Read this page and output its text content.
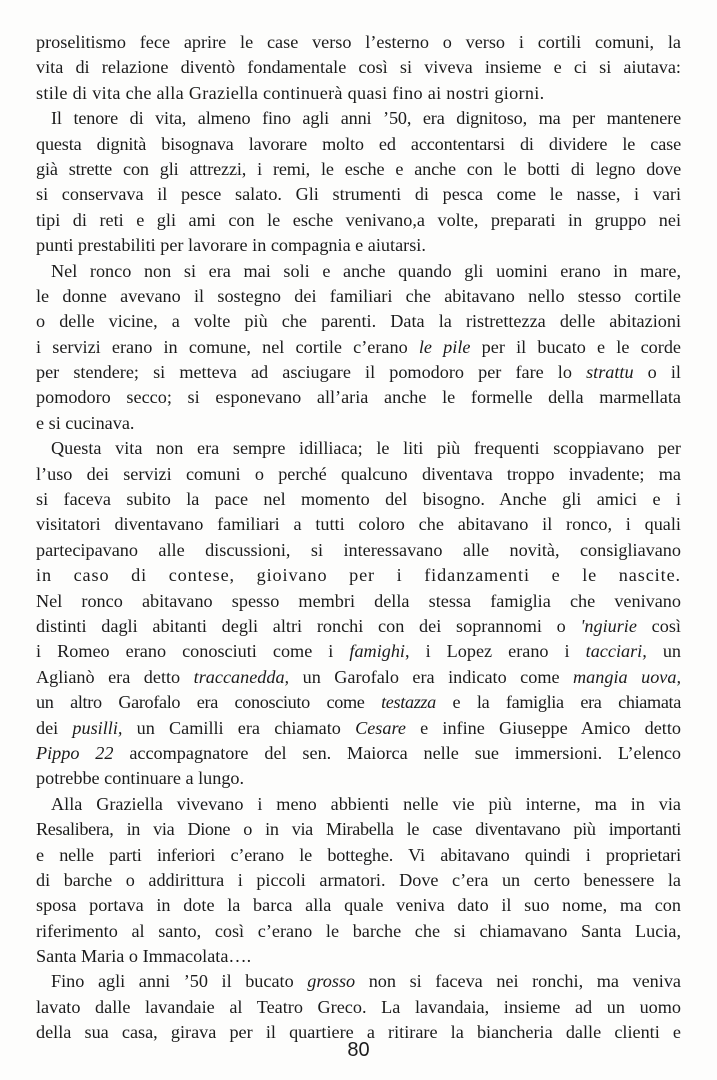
proselitismo fece aprire le case verso l’esterno o verso i cortili comuni, la
vita di relazione diventò fondamentale così si viveva insieme e ci si aiutava:
stile di vita che alla Graziella continuerà quasi fino ai nostri giorni.
Il tenore di vita, almeno fino agli anni ’50, era dignitoso, ma per mantenere
questa dignità bisognava lavorare molto ed accontentarsi di dividere le case
già strette con gli attrezzi, i remi, le esche e anche con le botti di legno dove
si conservava il pesce salato. Gli strumenti di pesca come le nasse, i vari
tipi di reti e gli ami con le esche venivano,a volte, preparati in gruppo nei
punti prestabiliti per lavorare in compagnia e aiutarsi.
Nel ronco non si era mai soli e anche quando gli uomini erano in mare,
le donne avevano il sostegno dei familiari che abitavano nello stesso cortile
o delle vicine, a volte più che parenti. Data la ristrettezza delle abitazioni
i servizi erano in comune, nel cortile c’erano le pile per il bucato e le corde
per stendere; si metteva ad asciugare il pomodoro per fare lo strattu o il
pomodoro secco; si esponevano all’aria anche le formelle della marmellata
e si cucinava.
Questa vita non era sempre idilliaca; le liti più frequenti scoppiavano per
l’uso dei servizi comuni o perché qualcuno diventava troppo invadente; ma
si faceva subito la pace nel momento del bisogno. Anche gli amici e i
visitatori diventavano familiari a tutti coloro che abitavano il ronco, i quali
partecipavano alle discussioni, si interessavano alle novità, consigliavano
in caso di contese, gioivano per i fidanzamenti e le nascite.
Nel ronco abitavano spesso membri della stessa famiglia che venivano
distinti dagli abitanti degli altri ronchi con dei soprannomi o 'ngiurie così
i Romeo erano conosciuti come i famighi, i Lopez erano i tacciari, un
Aglianò era detto traccanedda, un Garofalo era indicato come mangia uova,
un altro Garofalo era conosciuto come testazza e la famiglia era chiamata
dei pusilli, un Camilli era chiamato Cesare e infine Giuseppe Amico detto
Pippo 22 accompagnatore del sen. Maiorca nelle sue immersioni. L’elenco
potrebbe continuare a lungo.
Alla Graziella vivevano i meno abbienti nelle vie più interne, ma in via
Resalibera, in via Dione o in via Mirabella le case diventavano più importanti
e nelle parti inferiori c’erano le botteghe. Vi abitavano quindi i proprietari
di barche o addirittura i piccoli armatori. Dove c’era un certo benessere la
sposa portava in dote la barca alla quale veniva dato il suo nome, ma con
riferimento al santo, così c’erano le barche che si chiamavano Santa Lucia,
Santa Maria o Immacolata….
Fino agli anni ’50 il bucato grosso non si faceva nei ronchi, ma veniva
lavato dalle lavandaie al Teatro Greco. La lavandaia, insieme ad un uomo
della sua casa, girava per il quartiere a ritirare la biancheria dalle clienti e
80
